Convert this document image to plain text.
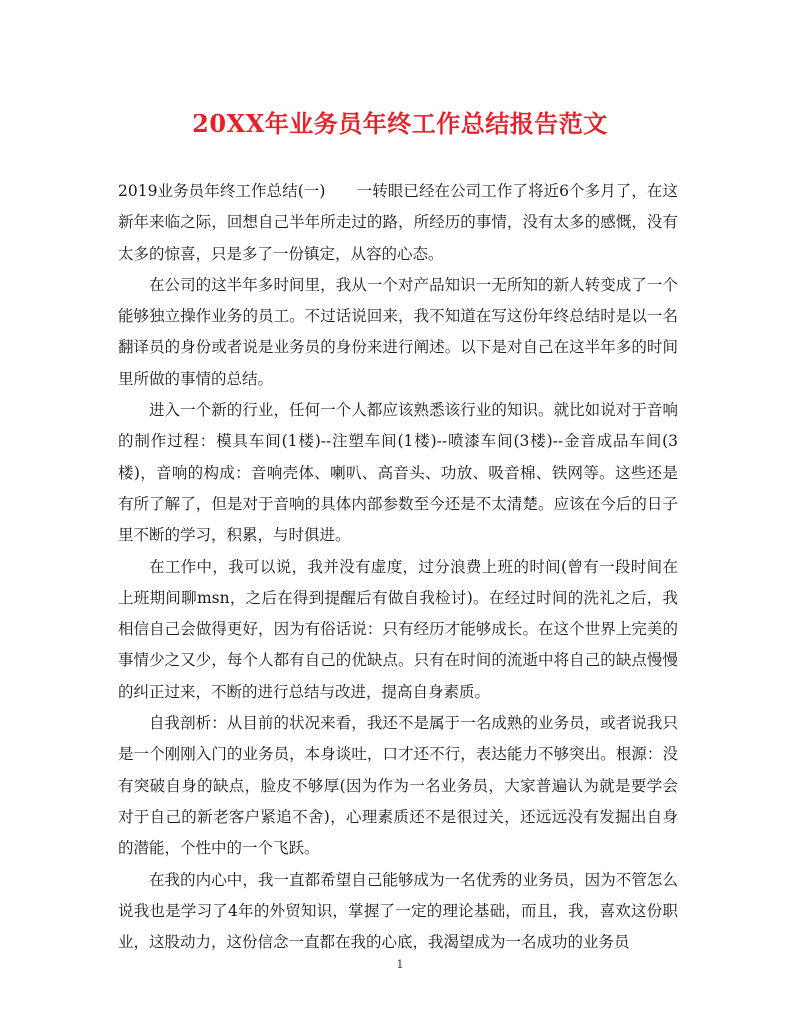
20XX年业务员年终工作总结报告范文

2019业务员年终工作总结(一)　　一转眼已经在公司工作了将近6个多月了，在这新年来临之际，回想自己半年所走过的路，所经历的事情，没有太多的感慨，没有太多的惊喜，只是多了一份镇定，从容的心态。

在公司的这半年多时间里，我从一个对产品知识一无所知的新人转变成了一个能够独立操作业务的员工。不过话说回来，我不知道在写这份年终总结时是以一名翻译员的身份或者说是业务员的身份来进行阐述。以下是对自己在这半年多的时间里所做的事情的总结。

进入一个新的行业，任何一个人都应该熟悉该行业的知识。就比如说对于音响的制作过程：模具车间(1楼)--注塑车间(1楼)--喷漆车间(3楼)--金音成品车间(3楼)，音响的构成：音响壳体、喇叭、高音头、功放、吸音棉、铁网等。这些还是有所了解了，但是对于音响的具体内部参数至今还是不太清楚。应该在今后的日子里不断的学习，积累，与时俱进。

在工作中，我可以说，我并没有虚度，过分浪费上班的时间(曾有一段时间在上班期间聊msn，之后在得到提醒后有做自我检讨)。在经过时间的洗礼之后，我相信自己会做得更好，因为有俗话说：只有经历才能够成长。在这个世界上完美的事情少之又少，每个人都有自己的优缺点。只有在时间的流逝中将自己的缺点慢慢的纠正过来，不断的进行总结与改进，提高自身素质。

自我剖析：从目前的状况来看，我还不是属于一名成熟的业务员，或者说我只是一个刚刚入门的业务员，本身谈吐，口才还不行，表达能力不够突出。根源：没有突破自身的缺点，脸皮不够厚(因为作为一名业务员，大家普遍认为就是要学会对于自己的新老客户紧追不舍)，心理素质还不是很过关，还远远没有发掘出自身的潜能，个性中的一个飞跃。

在我的内心中，我一直都希望自己能够成为一名优秀的业务员，因为不管怎么说我也是学习了4年的外贸知识，掌握了一定的理论基础，而且，我，喜欢这份职业，这股动力，这份信念一直都在我的心底，我渴望成为一名成功的业务员

1
